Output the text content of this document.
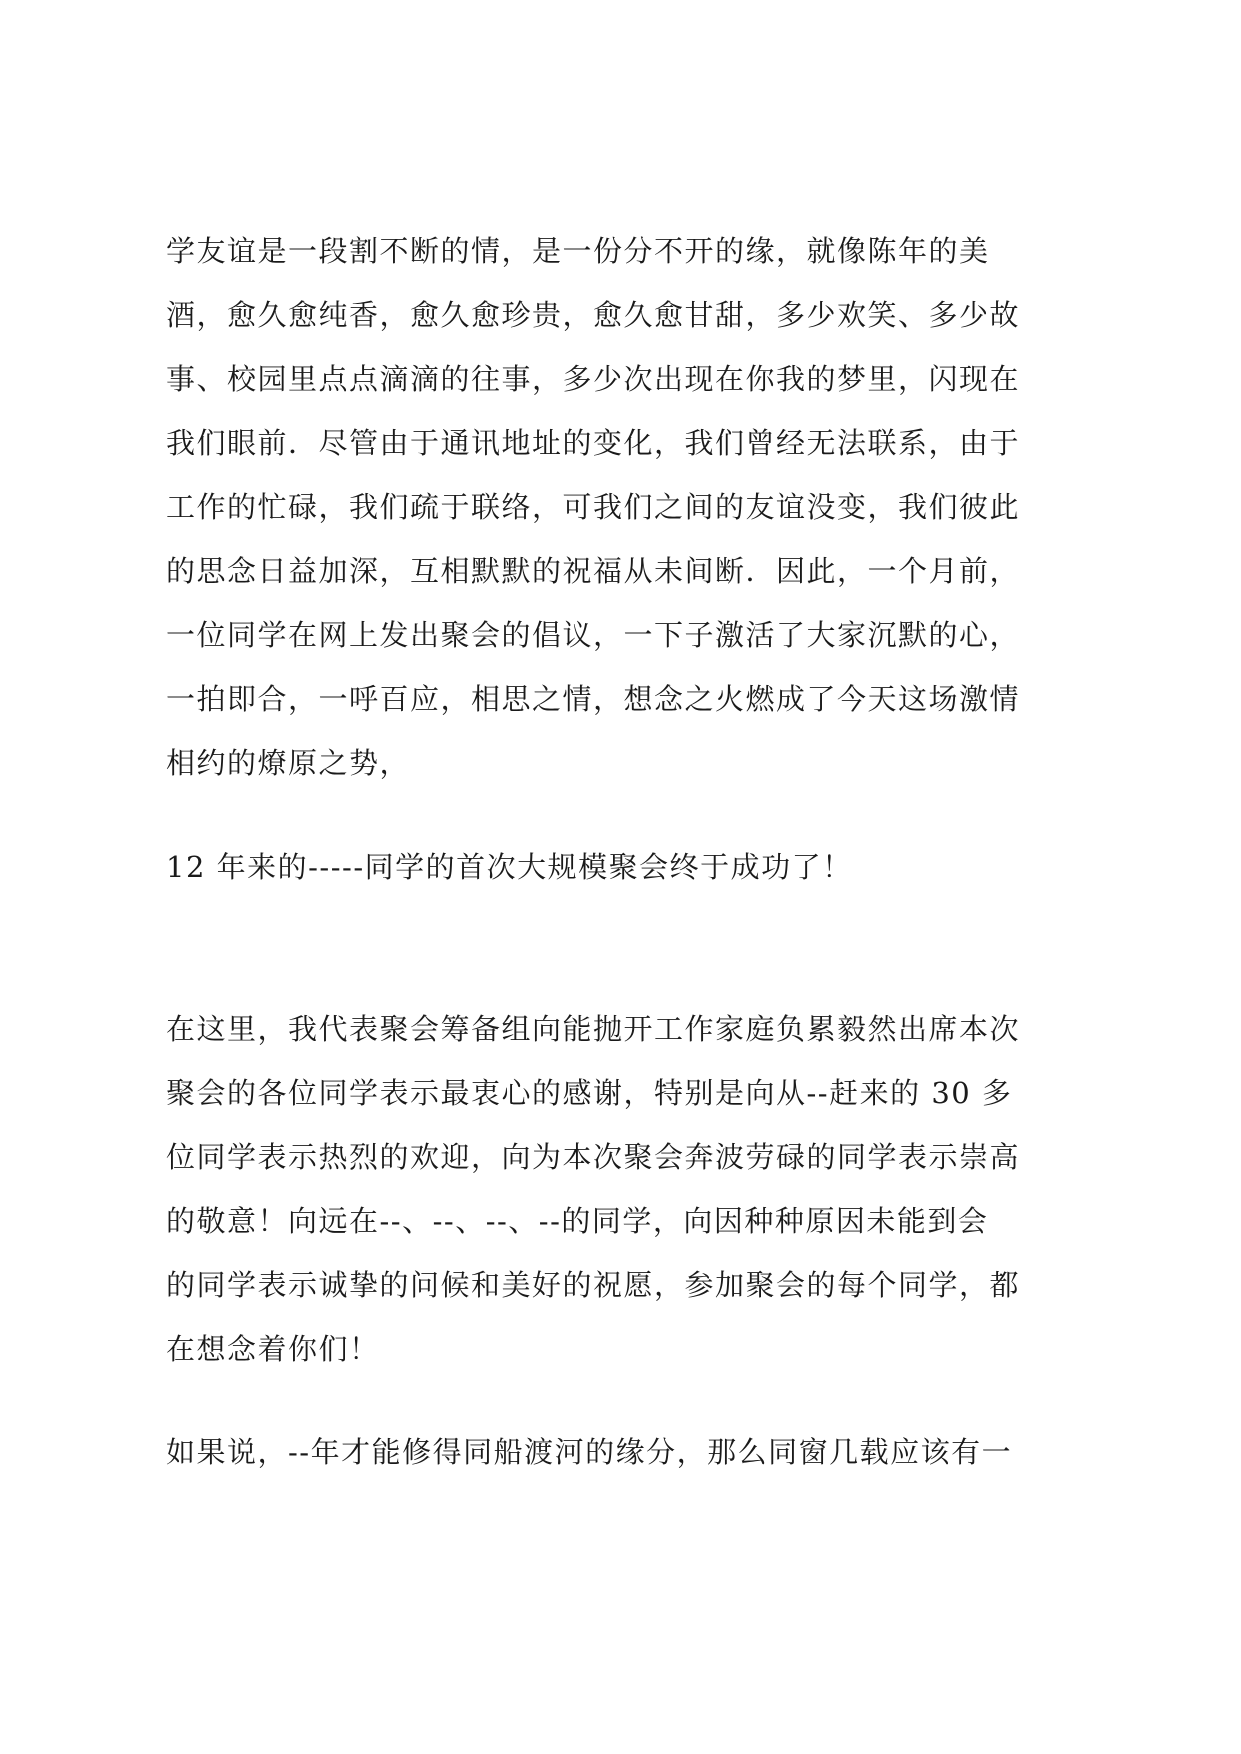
学友谊是一段割不断的情，是一份分不开的缘，就像陈年的美
酒，愈久愈纯香，愈久愈珍贵，愈久愈甘甜，多少欢笑、多少故
事、校园里点点滴滴的往事，多少次出现在你我的梦里，闪现在
我们眼前．尽管由于通讯地址的变化，我们曾经无法联系，由于
工作的忙碌，我们疏于联络，可我们之间的友谊没变，我们彼此
的思念日益加深，互相默默的祝福从未间断．因此，一个月前，
一位同学在网上发出聚会的倡议，一下子激活了大家沉默的心，
一拍即合，一呼百应，相思之情，想念之火燃成了今天这场激情
相约的燎原之势，
12 年来的-----同学的首次大规模聚会终于成功了！
在这里，我代表聚会筹备组向能抛开工作家庭负累毅然出席本次
聚会的各位同学表示最衷心的感谢，特别是向从--赶来的 30 多
位同学表示热烈的欢迎，向为本次聚会奔波劳碌的同学表示崇高
的敬意！向远在--、--、--、--的同学，向因种种原因未能到会
的同学表示诚挚的问候和美好的祝愿，参加聚会的每个同学，都
在想念着你们！
如果说，--年才能修得同船渡河的缘分，那么同窗几载应该有一
